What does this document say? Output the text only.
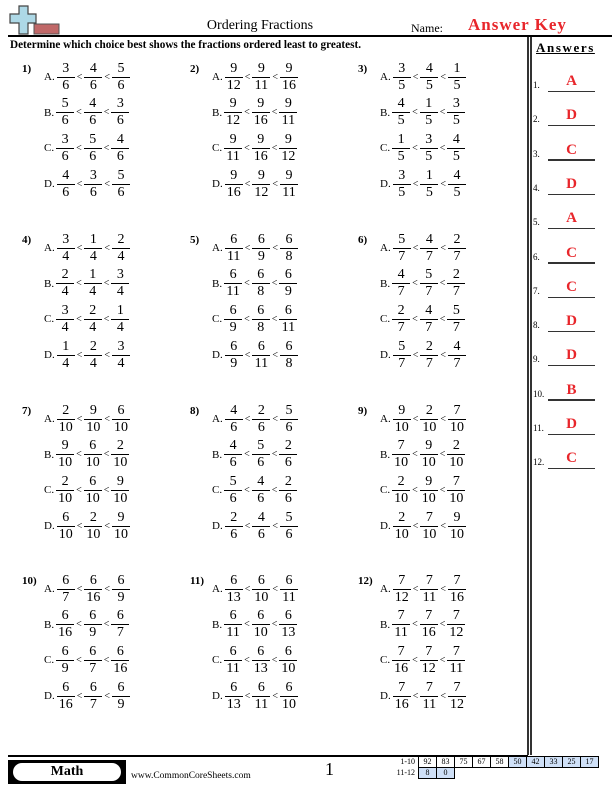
Ordering Fractions	Name: Answer Key
Determine which choice best shows the fractions ordered least to greatest.	Answers
1.	A
2.	D
3.	C
4.	D
5.	A
6.	C
7.	C
8.	D
9.	D
10.	B
11.	D
12.	C
1)
A. $\frac{3}{6} < \frac{4}{6} < \frac{5}{6}$
B. $\frac{5}{6} < \frac{4}{6} < \frac{3}{6}$
C. $\frac{3}{6} < \frac{5}{6} < \frac{4}{6}$
D. $\frac{4}{6} < \frac{3}{6} < \frac{5}{6}$
2)
A. $\frac{9}{12} < \frac{9}{11} < \frac{9}{16}$
B. $\frac{9}{12} < \frac{9}{16} < \frac{9}{11}$
C. $\frac{9}{11} < \frac{9}{16} < \frac{9}{12}$
D. $\frac{9}{16} < \frac{9}{12} < \frac{9}{11}$
3)
A. $\frac{3}{5} < \frac{4}{5} < \frac{1}{5}$
B. $\frac{4}{5} < \frac{1}{5} < \frac{3}{5}$
C. $\frac{1}{5} < \frac{3}{5} < \frac{4}{5}$
D. $\frac{3}{5} < \frac{1}{5} < \frac{4}{5}$
4)
A. $\frac{3}{4} < \frac{1}{4} < \frac{2}{4}$
B. $\frac{2}{4} < \frac{1}{4} < \frac{3}{4}$
C. $\frac{3}{4} < \frac{2}{4} < \frac{1}{4}$
D. $\frac{1}{4} < \frac{2}{4} < \frac{3}{4}$
5)
A. $\frac{6}{11} < \frac{6}{9} < \frac{6}{8}$
B. $\frac{6}{11} < \frac{6}{8} < \frac{6}{9}$
C. $\frac{6}{9} < \frac{6}{8} < \frac{6}{11}$
D. $\frac{6}{9} < \frac{6}{11} < \frac{6}{8}$
6)
A. $\frac{5}{7} < \frac{4}{7} < \frac{2}{7}$
B. $\frac{4}{7} < \frac{5}{7} < \frac{2}{7}$
C. $\frac{2}{7} < \frac{4}{7} < \frac{5}{7}$
D. $\frac{5}{7} < \frac{2}{7} < \frac{4}{7}$
7)
A. $\frac{2}{10} < \frac{9}{10} < \frac{6}{10}$
B. $\frac{9}{10} < \frac{6}{10} < \frac{2}{10}$
C. $\frac{2}{10} < \frac{6}{10} < \frac{9}{10}$
D. $\frac{6}{10} < \frac{2}{10} < \frac{9}{10}$
8)
A. $\frac{4}{6} < \frac{2}{6} < \frac{5}{6}$
B. $\frac{4}{6} < \frac{5}{6} < \frac{2}{6}$
C. $\frac{5}{6} < \frac{4}{6} < \frac{2}{6}$
D. $\frac{2}{6} < \frac{4}{6} < \frac{5}{6}$
9)
A. $\frac{9}{10} < \frac{2}{10} < \frac{7}{10}$
B. $\frac{7}{10} < \frac{9}{10} < \frac{2}{10}$
C. $\frac{2}{10} < \frac{9}{10} < \frac{7}{10}$
D. $\frac{2}{10} < \frac{7}{10} < \frac{9}{10}$
10)
A. $\frac{6}{7} < \frac{6}{16} < \frac{6}{9}$
B. $\frac{6}{16} < \frac{6}{9} < \frac{6}{7}$
C. $\frac{6}{9} < \frac{6}{7} < \frac{6}{16}$
D. $\frac{6}{16} < \frac{6}{7} < \frac{6}{9}$
11)
A. $\frac{6}{13} < \frac{6}{10} < \frac{6}{11}$
B. $\frac{6}{11} < \frac{6}{10} < \frac{6}{13}$
C. $\frac{6}{11} < \frac{6}{13} < \frac{6}{10}$
D. $\frac{6}{13} < \frac{6}{11} < \frac{6}{10}$
12)
A. $\frac{7}{12} < \frac{7}{11} < \frac{7}{16}$
B. $\frac{7}{11} < \frac{7}{16} < \frac{7}{12}$
C. $\frac{7}{16} < \frac{7}{12} < \frac{7}{11}$
D. $\frac{7}{16} < \frac{7}{11} < \frac{7}{12}$
Math	www.CommonCoreSheets.com	1	1-10	92	83	75	67	58	50	42	33	25	17
11-12	8	0								
